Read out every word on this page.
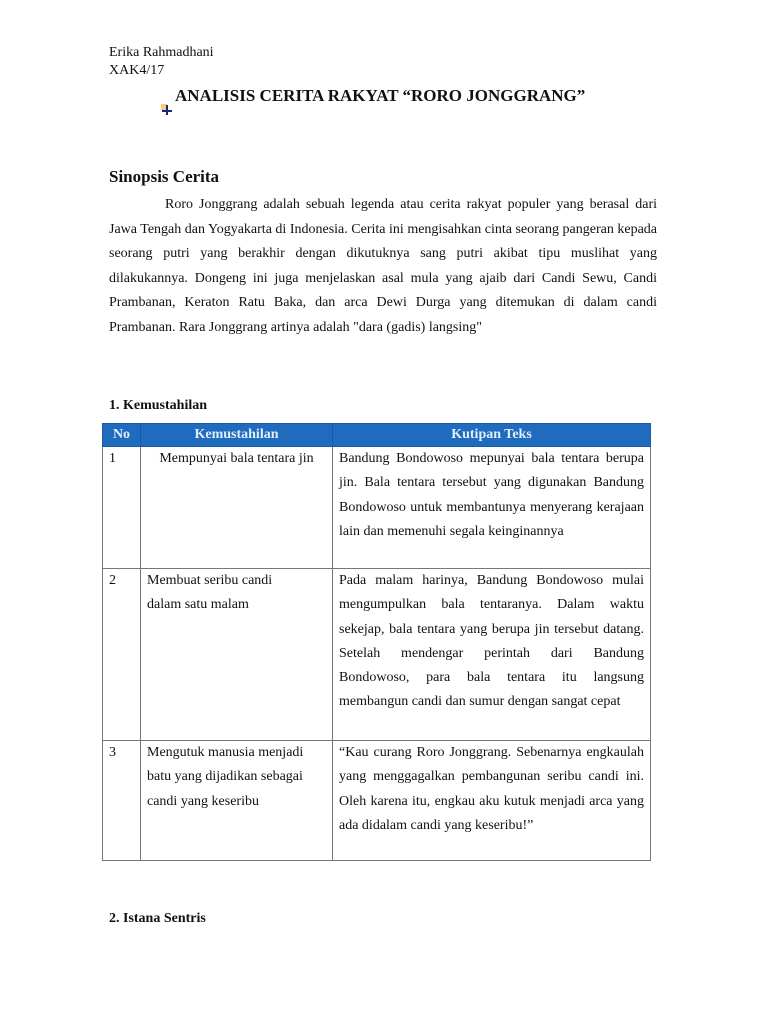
Erika Rahmadhani
XAK4/17
ANALISIS CERITA RAKYAT “RORO JONGGRANG”
Sinopsis Cerita

Roro Jonggrang adalah sebuah legenda atau cerita rakyat populer yang berasal dari Jawa Tengah dan Yogyakarta di Indonesia. Cerita ini mengisahkan cinta seorang pangeran kepada seorang putri yang berakhir dengan dikutuknya sang putri akibat tipu muslihat yang dilakukannya. Dongeng ini juga menjelaskan asal mula yang ajaib dari Candi Sewu, Candi Prambanan, Keraton Ratu Baka, dan arca Dewi Durga yang ditemukan di dalam candi Prambanan. Rara Jonggrang artinya adalah "dara (gadis) langsing"

1. Kemustahilan
No	Kemustahilan	Kutipan Teks
1	Mempunyai bala tentara jin	Bandung Bondowoso mepunyai bala tentara berupa jin. Bala tentara tersebut yang digunakan Bandung Bondowoso untuk membantunya menyerang kerajaan lain dan memenuhi segala keinginannya
2	Membuat seribu candi dalam satu malam	Pada malam harinya, Bandung Bondowoso mulai mengumpulkan bala tentaranya. Dalam waktu sekejap, bala tentara yang berupa jin tersebut datang. Setelah mendengar perintah dari Bandung Bondowoso, para bala tentara itu langsung membangun candi dan sumur dengan sangat cepat
3	Mengutuk manusia menjadi batu yang dijadikan sebagai candi yang keseribu	“Kau curang Roro Jonggrang. Sebenarnya engkaulah yang menggagalkan pembangunan seribu candi ini. Oleh karena itu, engkau aku kutuk menjadi arca yang ada didalam candi yang keseribu!”
2. Istana Sentris
